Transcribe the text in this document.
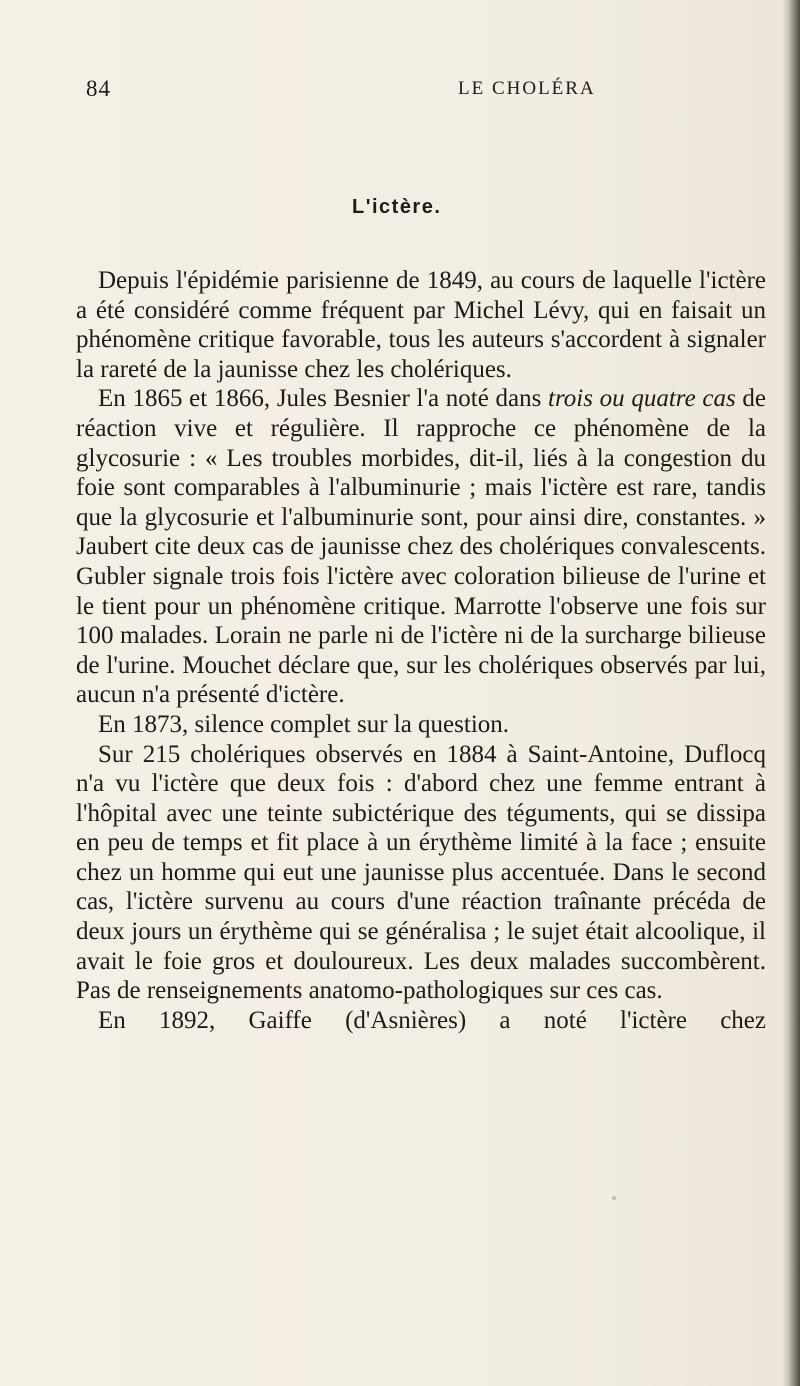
84	LE CHOLÉRA
L'ictère.

Depuis l'épidémie parisienne de 1849, au cours de laquelle l'ictère a été considéré comme fréquent par Michel Lévy, qui en faisait un phénomène critique favorable, tous les auteurs s'accordent à signaler la rareté de la jaunisse chez les cholériques.

En 1865 et 1866, Jules Besnier l'a noté dans trois ou quatre cas de réaction vive et régulière. Il rapproche ce phénomène de la glycosurie : « Les troubles morbides, dit-il, liés à la congestion du foie sont comparables à l'albuminurie ; mais l'ictère est rare, tandis que la glycosurie et l'albuminurie sont, pour ainsi dire, constantes. » Jaubert cite deux cas de jaunisse chez des cholériques convalescents. Gubler signale trois fois l'ictère avec coloration bilieuse de l'urine et le tient pour un phénomène critique. Marrotte l'observe une fois sur 100 malades. Lorain ne parle ni de l'ictère ni de la surcharge bilieuse de l'urine. Mouchet déclare que, sur les cholériques observés par lui, aucun n'a présenté d'ictère.

En 1873, silence complet sur la question.

Sur 215 cholériques observés en 1884 à Saint-Antoine, Duflocq n'a vu l'ictère que deux fois : d'abord chez une femme entrant à l'hôpital avec une teinte subictérique des téguments, qui se dissipa en peu de temps et fit place à un érythème limité à la face ; ensuite chez un homme qui eut une jaunisse plus accentuée. Dans le second cas, l'ictère survenu au cours d'une réaction traînante précéda de deux jours un érythème qui se généralisa ; le sujet était alcoolique, il avait le foie gros et douloureux. Les deux malades succombèrent. Pas de renseignements anatomo-pathologiques sur ces cas.

En 1892, Gaiffe (d'Asnières) a noté l'ictère chez
